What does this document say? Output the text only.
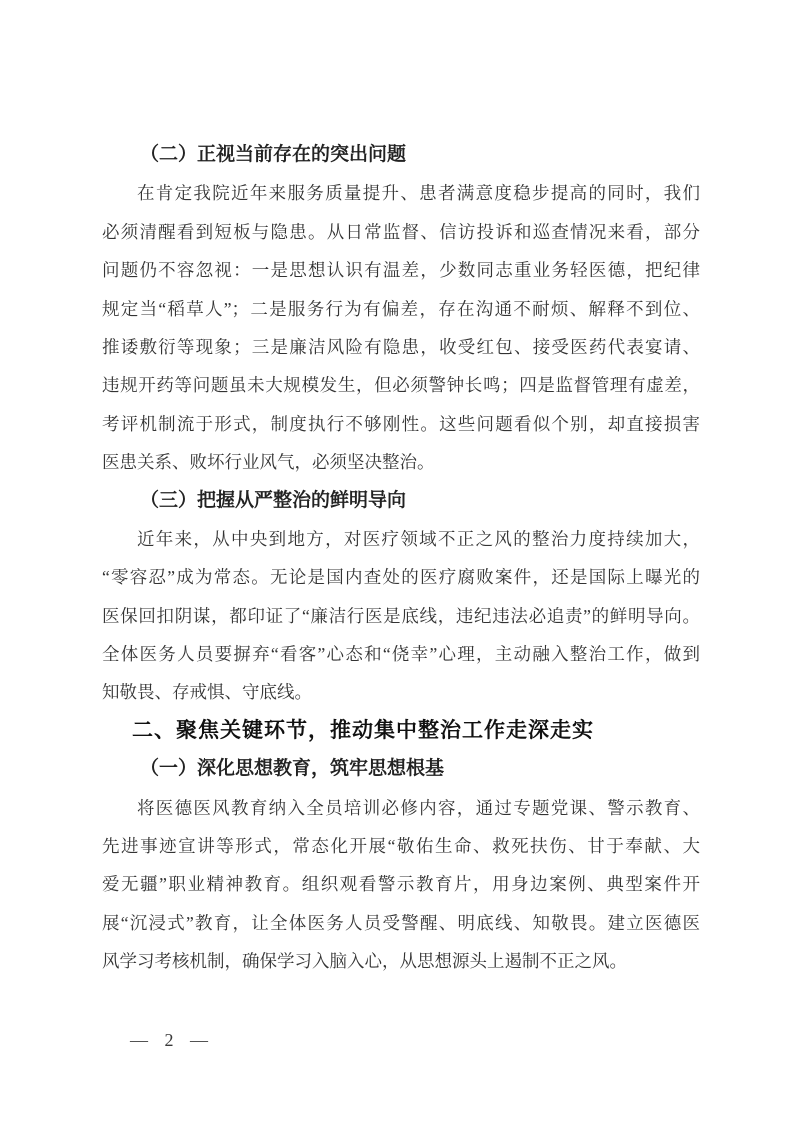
（二）正视当前存在的突出问题
在肯定我院近年来服务质量提升、患者满意度稳步提高的同时，我们
必须清醒看到短板与隐患。从日常监督、信访投诉和巡查情况来看，部分
问题仍不容忽视：一是思想认识有温差，少数同志重业务轻医德，把纪律
规定当“稻草人”；二是服务行为有偏差，存在沟通不耐烦、解释不到位、
推诿敷衍等现象；三是廉洁风险有隐患，收受红包、接受医药代表宴请、
违规开药等问题虽未大规模发生，但必须警钟长鸣；四是监督管理有虚差，
考评机制流于形式，制度执行不够刚性。这些问题看似个别，却直接损害
医患关系、败坏行业风气，必须坚决整治。
（三）把握从严整治的鲜明导向
近年来，从中央到地方，对医疗领域不正之风的整治力度持续加大，
“零容忍”成为常态。无论是国内查处的医疗腐败案件，还是国际上曝光的
医保回扣阴谋，都印证了“廉洁行医是底线，违纪违法必追责”的鲜明导向。
全体医务人员要摒弃“看客”心态和“侥幸”心理，主动融入整治工作，做到
知敬畏、存戒惧、守底线。
二、聚焦关键环节，推动集中整治工作走深走实
（一）深化思想教育，筑牢思想根基
将医德医风教育纳入全员培训必修内容，通过专题党课、警示教育、
先进事迹宣讲等形式，常态化开展“敬佑生命、救死扶伤、甘于奉献、大
爱无疆”职业精神教育。组织观看警示教育片，用身边案例、典型案件开
展“沉浸式”教育，让全体医务人员受警醒、明底线、知敬畏。建立医德医
风学习考核机制，确保学习入脑入心，从思想源头上遏制不正之风。
— 2 —
